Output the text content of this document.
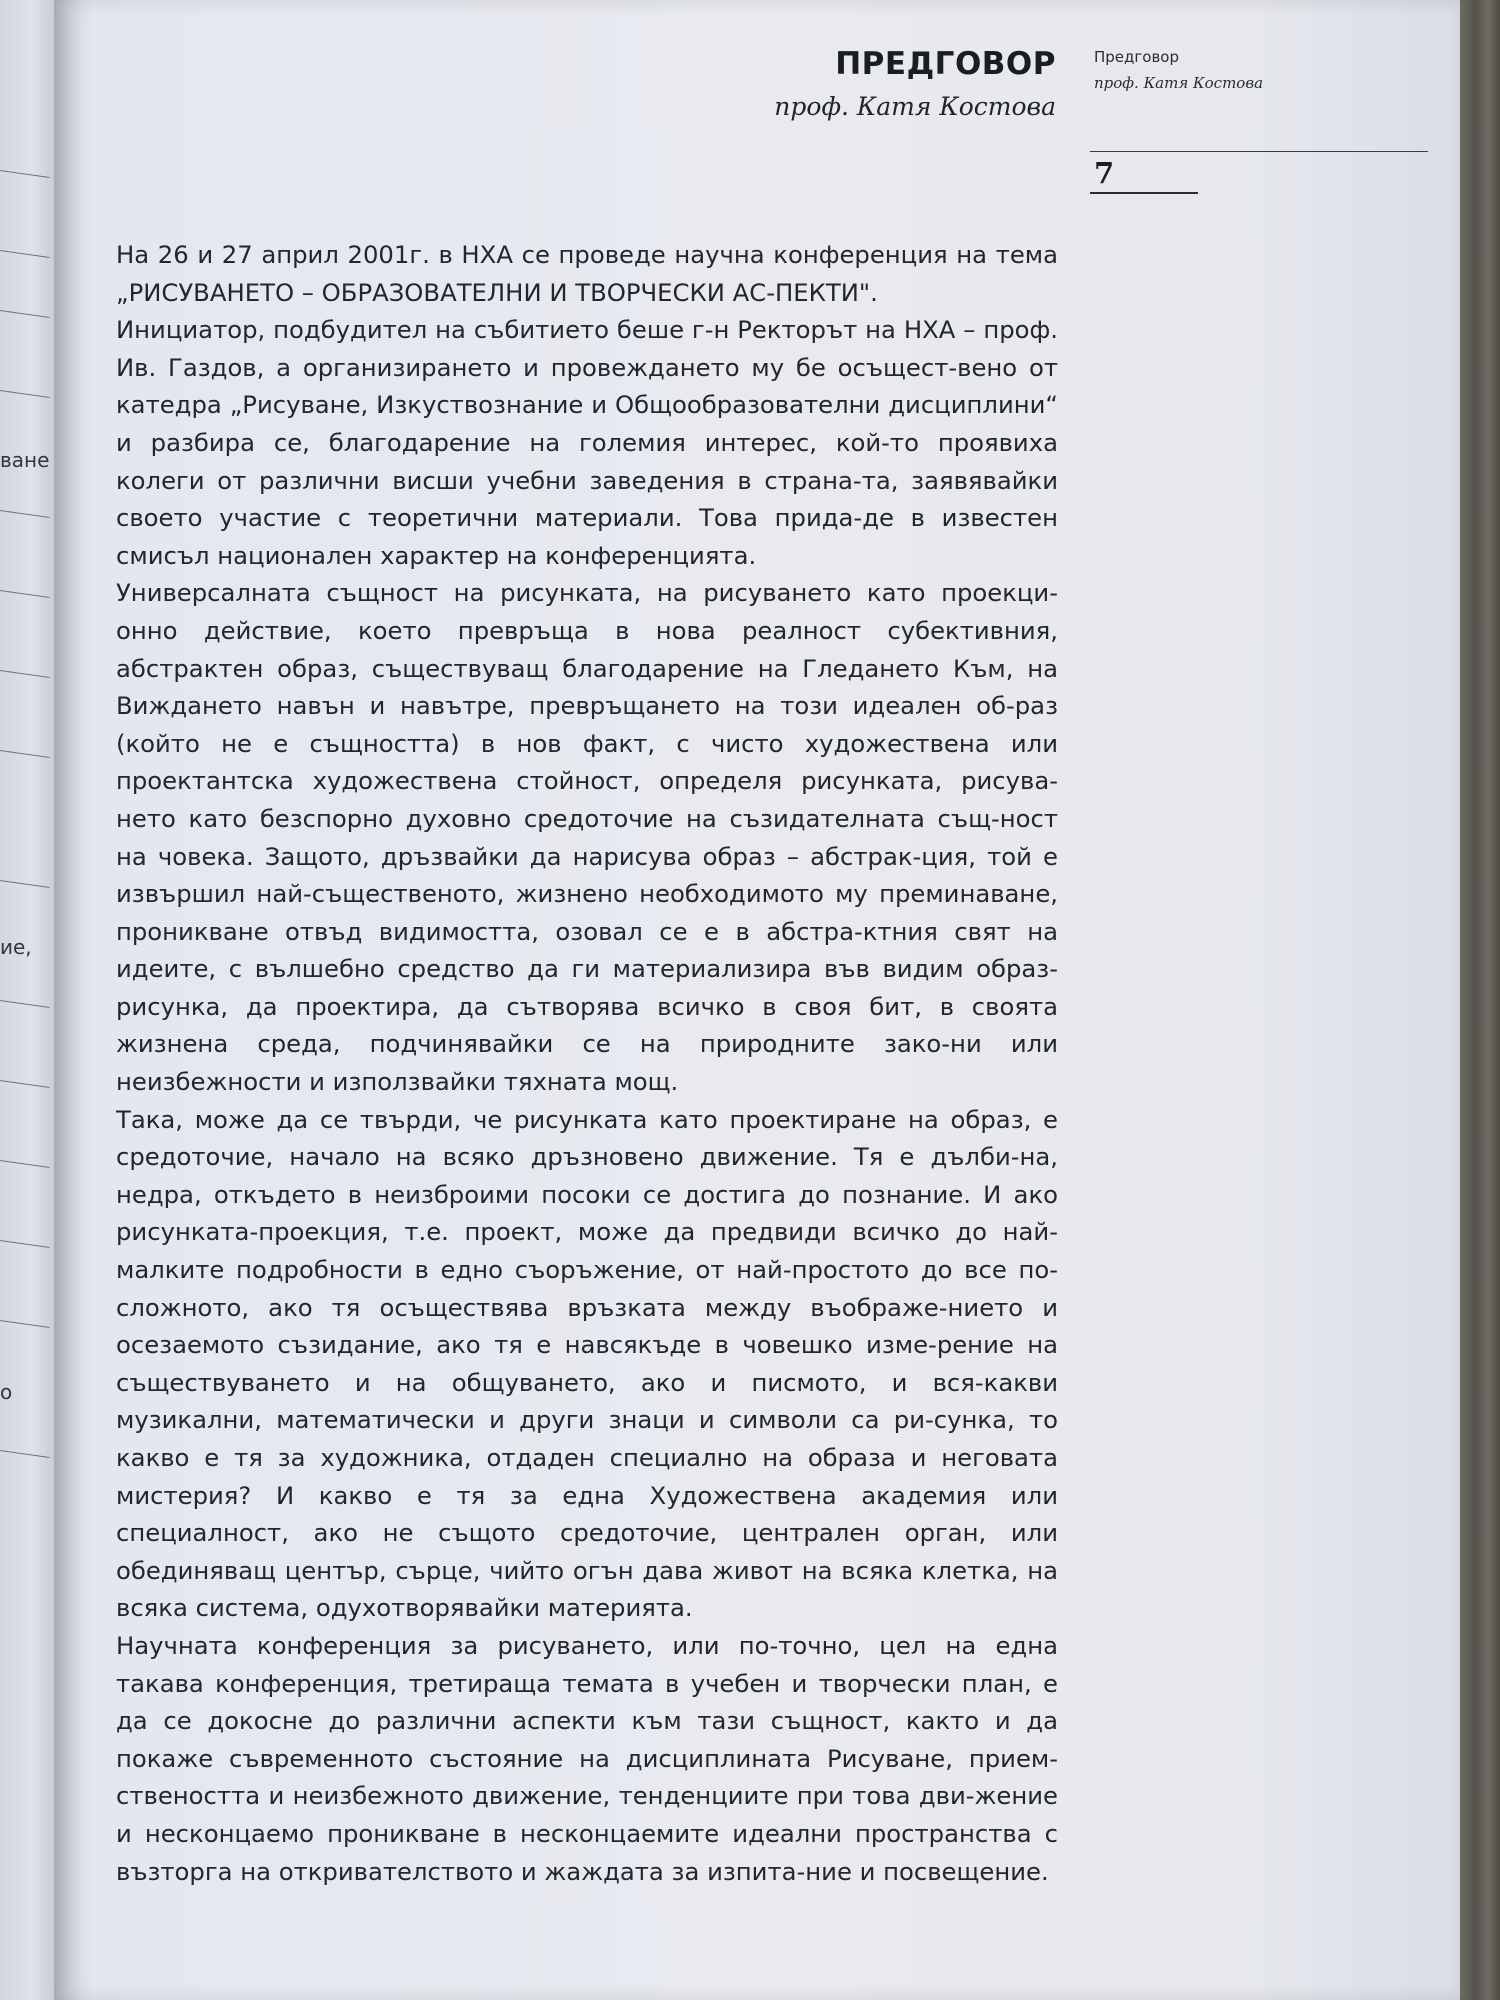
ване
ие,
о
ПРЕДГОВОР
проф. Катя Костова
Предговор
проф. Катя Костова
7

На 26 и 27 април 2001г. в НХА се проведе научна конференция на тема „РИСУВАНЕТО – ОБРАЗОВАТЕЛНИ И ТВОРЧЕСКИ АС-ПЕКТИ".

Инициатор, подбудител на събитието беше г-н Ректорът на НХА – проф. Ив. Газдов, а организирането и провеждането му бе осъщест-вено от катедра „Рисуване, Изкуствознание и Общообразователни дисциплини“ и разбира се, благодарение на големия интерес, кой-то проявиха колеги от различни висши учебни заведения в страна-та, заявявайки своето участие с теоретични материали. Това прида-де в известен смисъл национален характер на конференцията.

Универсалната същност на рисунката, на рисуването като проекци-онно действие, което превръща в нова реалност субективния, абстрактен образ, съществуващ благодарение на Гледането Към, на Виждането навън и навътре, превръщането на този идеален об-раз (който не е същността) в нов факт, с чисто художествена или проектантска художествена стойност, определя рисунката, рисува-нето като безспорно духовно средоточие на съзидателната същ-ност на човека. Защото, дръзвайки да нарисува образ – абстрак-ция, той е извършил най-същественото, жизнено необходимото му преминаване, проникване отвъд видимостта, озовал се е в абстра-ктния свят на идеите, с вълшебно средство да ги материализира във видим образ-рисунка, да проектира, да сътворява всичко в своя бит, в своята жизнена среда, подчинявайки се на природните зако-ни или неизбежности и използвайки тяхната мощ.

Така, може да се твърди, че рисунката като проектиране на образ, е средоточие, начало на всяко дръзновено движение. Тя е дълби-на, недра, откъдето в неизброими посоки се достига до познание. И ако рисунката-проекция, т.е. проект, може да предвиди всичко до най-малките подробности в едно съоръжение, от най-простото до все по-сложното, ако тя осъществява връзката между въображе-нието и осезаемото съзидание, ако тя е навсякъде в човешко изме-рение на съществуването и на общуването, ако и писмото, и вся-какви музикални, математически и други знаци и символи са ри-сунка, то какво е тя за художника, отдаден специално на образа и неговата мистерия? И какво е тя за една Художествена академия или специалност, ако не същото средоточие, централен орган, или обединяващ център, сърце, чийто огън дава живот на всяка клетка, на всяка система, одухотворявайки материята.

Научната конференция за рисуването, или по-точно, цел на една такава конференция, третираща темата в учебен и творчески план, е да се докосне до различни аспекти към тази същност, както и да покаже съвременното състояние на дисциплината Рисуване, прием-ствеността и неизбежното движение, тенденциите при това дви-жение и несконцаемо проникване в несконцаемите идеални пространства с възторга на откривателството и жаждата за изпита-ние и посвещение.
